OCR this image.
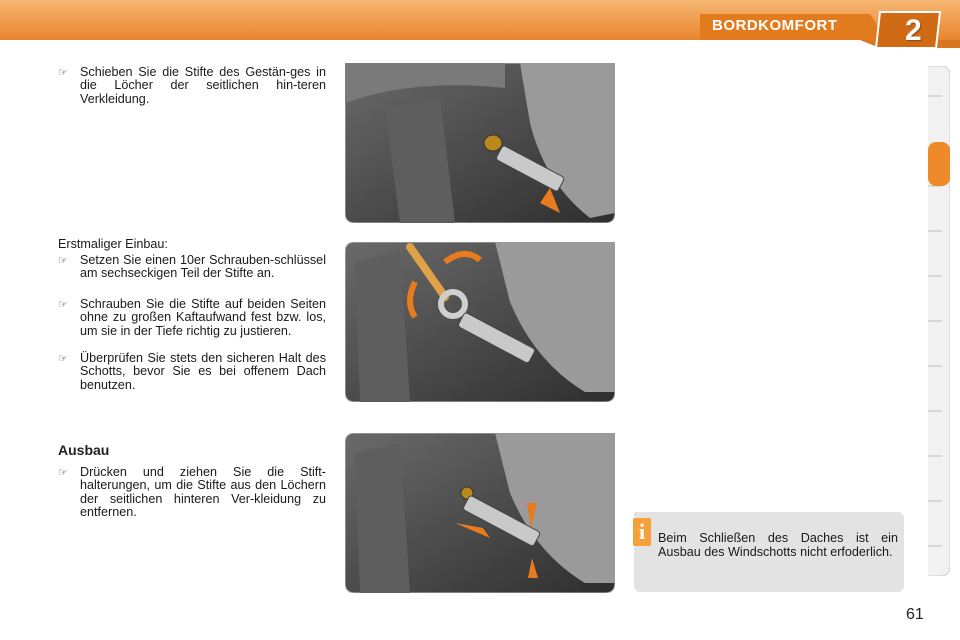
BORDKOMFORT 2
☞ Schieben Sie die Stifte des Gestän-ges in die Löcher der seitlichen hin-teren Verkleidung.
Erstmaliger Einbau:
☞ Setzen Sie einen 10er Schrauben-schlüssel am sechseckigen Teil der Stifte an.
☞ Schrauben Sie die Stifte auf beiden Seiten ohne zu großen Kaftaufwand fest bzw. los, um sie in der Tiefe richtig zu justieren.
☞ Überprüfen Sie stets den sicheren Halt des Schotts, bevor Sie es bei offenem Dach benutzen.
Ausbau
☞ Drücken und ziehen Sie die Stift-halterungen, um die Stifte aus den Löchern der seitlichen hinteren Ver-kleidung zu entfernen.
i	Beim Schließen des Daches ist ein Ausbau des Windschotts nicht erfoderlich.
61
